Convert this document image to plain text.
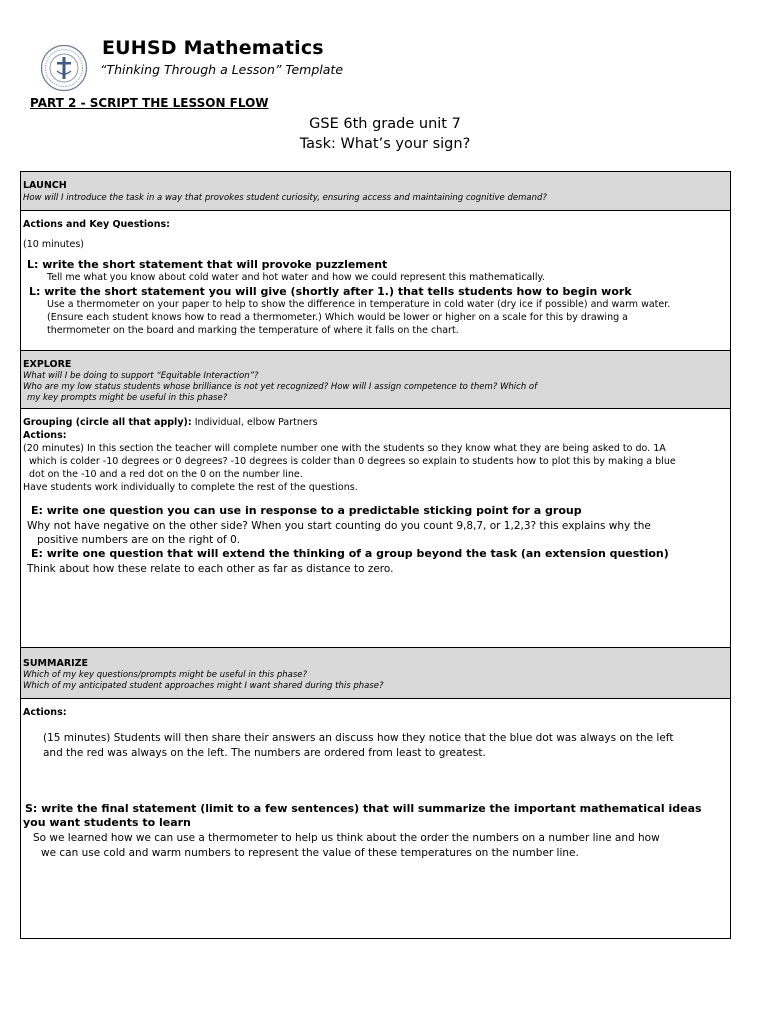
EUHSD Mathematics
“Thinking Through a Lesson” Template
PART 2 - SCRIPT THE LESSON FLOW
GSE 6th grade unit 7
Task: What’s your sign?
LAUNCH
How will I introduce the task in a way that provokes student curiosity, ensuring access and maintaining cognitive demand?
Actions and Key Questions:
(10 minutes)
L: write the short statement that will provoke puzzlement
Tell me what you know about cold water and hot water and how we could represent this mathematically.
L: write the short statement you will give (shortly after 1.) that tells students how to begin work
Use a thermometer on your paper to help to show the difference in temperature in cold water (dry ice if possible) and warm water.
(Ensure each student knows how to read a thermometer.) Which would be lower or higher on a scale for this by drawing a
thermometer on the board and marking the temperature of where it falls on the chart.
EXPLORE
What will I be doing to support “Equitable Interaction”?
Who are my low status students whose brilliance is not yet recognized? How will I assign competence to them? Which of
my key prompts might be useful in this phase?
Grouping (circle all that apply): Individual, elbow Partners
Actions:
(20 minutes) In this section the teacher will complete number one with the students so they know what they are being asked to do. 1A
which is colder -10 degrees or 0 degrees? -10 degrees is colder than 0 degrees so explain to students how to plot this by making a blue
dot on the -10 and a red dot on the 0 on the number line.
Have students work individually to complete the rest of the questions.
E: write one question you can use in response to a predictable sticking point for a group
Why not have negative on the other side? When you start counting do you count 9,8,7, or 1,2,3? this explains why the
positive numbers are on the right of 0.
E: write one question that will extend the thinking of a group beyond the task (an extension question)
Think about how these relate to each other as far as distance to zero.
SUMMARIZE
Which of my key questions/prompts might be useful in this phase?
Which of my anticipated student approaches might I want shared during this phase?
Actions:
(15 minutes) Students will then share their answers an discuss how they notice that the blue dot was always on the left
and the red was always on the left. The numbers are ordered from least to greatest.
S: write the final statement (limit to a few sentences) that will summarize the important mathematical ideas
you want students to learn
So we learned how we can use a thermometer to help us think about the order the numbers on a number line and how
we can use cold and warm numbers to represent the value of these temperatures on the number line.
